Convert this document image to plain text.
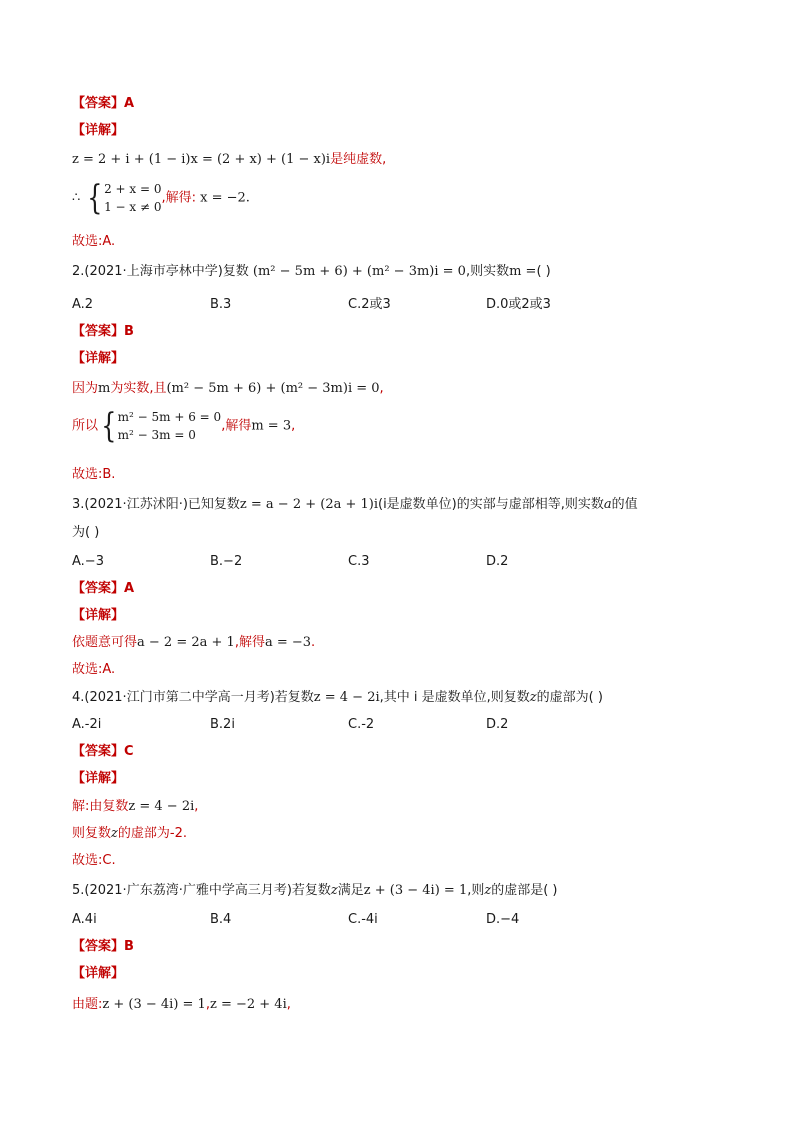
【答案】A
【详解】
z = 2 + i + (1 − i)x = (2 + x) + (1 − x)i是纯虚数,
∴ { 2 + x = 0
1 − x ≠ 0
,解得: x = −2.
故选:A.
2.(2021·上海市亭林中学)复数 (m² − 5m + 6) + (m² − 3m)i = 0,则实数m =( )
A.2	B.3	C.2或3	D.0或2或3
【答案】B
【详解】
因为m为实数,且(m² − 5m + 6) + (m² − 3m)i = 0,
所以{ m² − 5m + 6 = 0
m² − 3m = 0
,解得m = 3,
故选:B.
3.(2021·江苏沭阳·)已知复数z = a − 2 + (2a + 1)i(i是虚数单位)的实部与虚部相等,则实数a的值
为( )
A.−3	B.−2	C.3	D.2
【答案】A
【详解】
依题意可得a − 2 = 2a + 1,解得a = −3.
故选:A.
4.(2021·江门市第二中学高一月考)若复数z = 4 − 2i,其中 i 是虚数单位,则复数z的虚部为( )
A.-2i	B.2i	C.-2	D.2
【答案】C
【详解】
解:由复数z = 4 − 2i,
则复数z的虚部为-2.
故选:C.
5.(2021·广东荔湾·广雅中学高三月考)若复数z满足z + (3 − 4i) = 1,则z的虚部是( )
A.4i	B.4	C.-4i	D.−4
【答案】B
【详解】
由题:z + (3 − 4i) = 1,z = −2 + 4i,
